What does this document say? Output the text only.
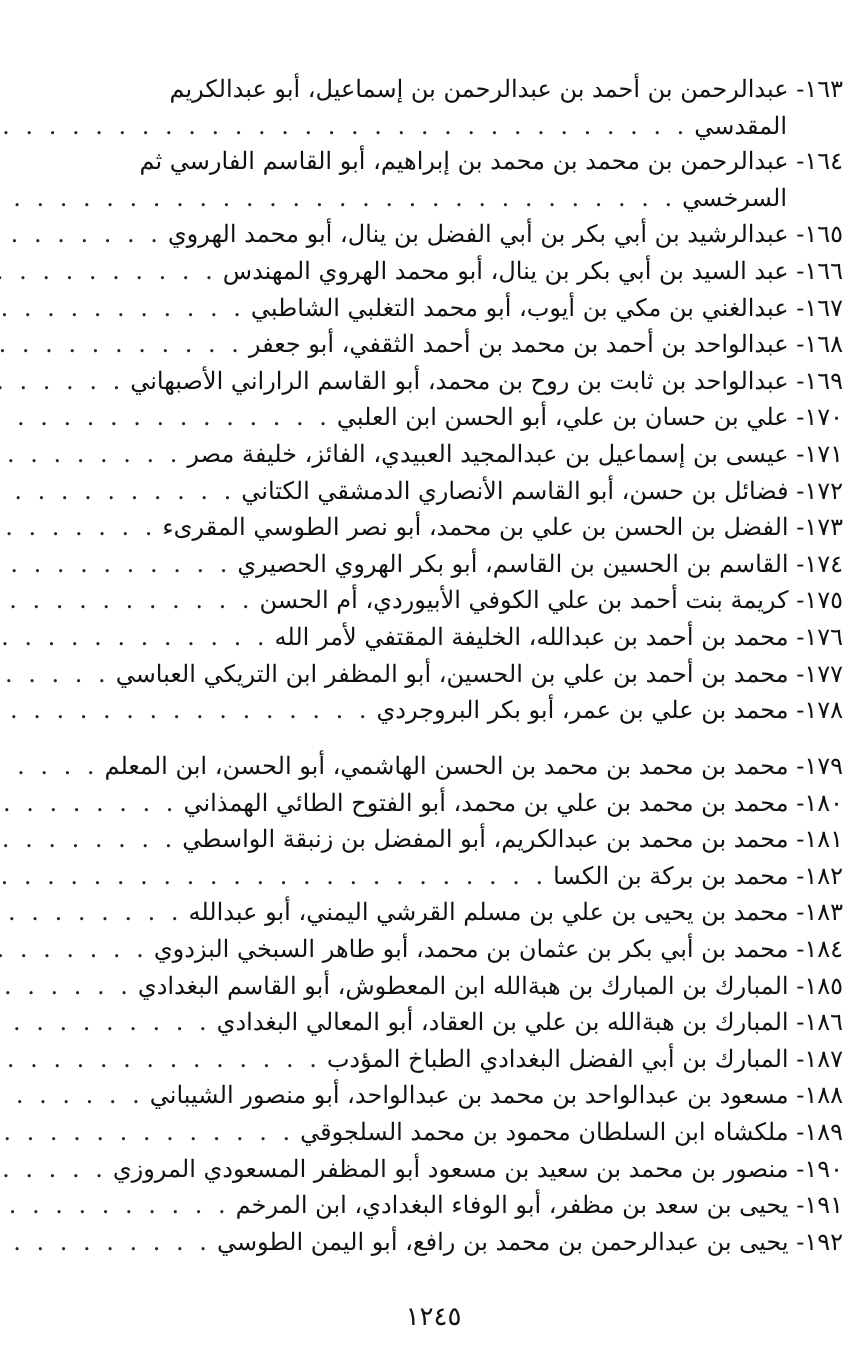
١٦٣- عبدالرحمن بن أحمد بن عبدالرحمن بن إسماعيل، أبو عبدالكريم
المقدسي
. . .
١٦٤- عبدالرحمن بن محمد بن محمد بن إبراهيم، أبو القاسم الفارسي ثم
السرخسي
. . .
١٦٥- عبدالرشيد بن أبي بكر بن أبي الفضل بن ينال، أبو محمد الهروي
. . .
١٦٦- عبد السيد بن أبي بكر بن ينال، أبو محمد الهروي المهندس
. . .
١٦٧- عبدالغني بن مكي بن أيوب، أبو محمد التغلبي الشاطبي
. . .
١٦٨- عبدالواحد بن أحمد بن محمد بن أحمد الثقفي، أبو جعفر
. . .
١٦٩- عبدالواحد بن ثابت بن روح بن محمد، أبو القاسم الراراني الأصبهاني
. . .
١٧٠- علي بن حسان بن علي، أبو الحسن ابن العلبي
. . .
١٧١- عيسى بن إسماعيل بن عبدالمجيد العبيدي، الفائز، خليفة مصر
. . .
١٧٢- فضائل بن حسن، أبو القاسم الأنصاري الدمشقي الكتاني
. . .
١٧٣- الفضل بن الحسن بن علي بن محمد، أبو نصر الطوسي المقرىء
. . .
١٧٤- القاسم بن الحسين بن القاسم، أبو بكر الهروي الحصيري
. . .
١٧٥- كريمة بنت أحمد بن علي الكوفي الأبيوردي، أم الحسن
. . .
١٧٦- محمد بن أحمد بن عبدالله، الخليفة المقتفي لأمر الله
. . .
١٧٧- محمد بن أحمد بن علي بن الحسين، أبو المظفر ابن التريكي العباسي
. . .
١٧٨- محمد بن علي بن عمر، أبو بكر البروجردي
. . .
١٧٩- محمد بن محمد بن محمد بن الحسن الهاشمي، أبو الحسن، ابن المعلم
. . .
١٨٠- محمد بن محمد بن علي بن محمد، أبو الفتوح الطائي الهمذاني
. . .
١٨١- محمد بن محمد بن عبدالكريم، أبو المفضل بن زنبقة الواسطي
. . .
١٨٢- محمد بن بركة بن الكسا
. . .
١٨٣- محمد بن يحيى بن علي بن مسلم القرشي اليمني، أبو عبدالله
. . .
١٨٤- محمد بن أبي بكر بن عثمان بن محمد، أبو طاهر السبخي البزدوي
. . .
١٨٥- المبارك بن المبارك بن هبةالله ابن المعطوش، أبو القاسم البغدادي
. . .
١٨٦- المبارك بن هبةالله بن علي بن العقاد، أبو المعالي البغدادي
. . .
١٨٧- المبارك بن أبي الفضل البغدادي الطباخ المؤدب
. . .
١٨٨- مسعود بن عبدالواحد بن محمد بن عبدالواحد، أبو منصور الشيباني
. . .
١٨٩- ملكشاه ابن السلطان محمود بن محمد السلجوقي
. . .
١٩٠- منصور بن محمد بن سعيد بن مسعود أبو المظفر المسعودي المروزي
. . .
١٩١- يحيى بن سعد بن مظفر، أبو الوفاء البغدادي، ابن المرخم
. . .
١٩٢- يحيى بن عبدالرحمن بن محمد بن رافع، أبو اليمن الطوسي
. . .
١٢٤٥
